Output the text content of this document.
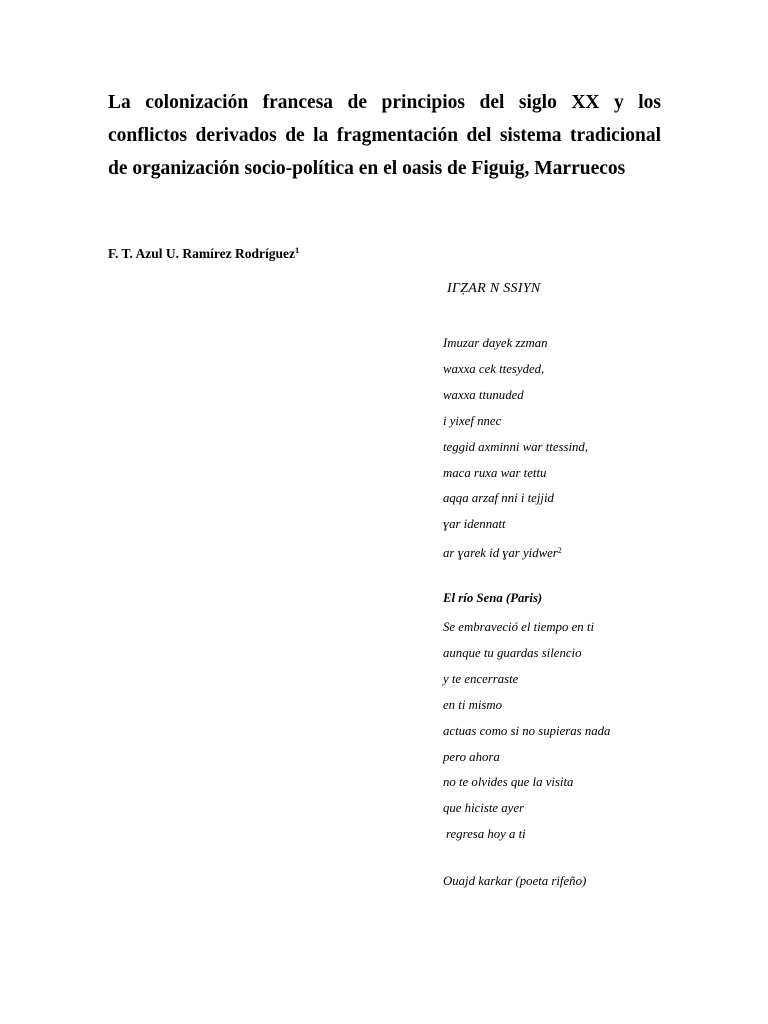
La colonización francesa de principios del siglo XX y los
conflictos derivados de la fragmentación del sistema tradicional
de organización socio-política en el oasis de Figuig, Marruecos

F. T. Azul U. Ramírez Rodríguez$^1$

IΓẒAR N SSIYN

Imuzar dayek zzman
waxxa cek ttesyded,
waxxa ttunuded
i yixef nnec
teggid axminni war ttessind,
maca ruxa war tettu
aqqa arzaf nni i tejjid
ɣar idennatt
ar ɣarek id ɣar yidwer$^2$

El río Sena (Paris)

Se embraveció el tiempo en ti
aunque tu guardas silencio
y te encerraste
en ti mismo
actuas como si no supieras nada
pero ahora
no te olvides que la visita
que hiciste ayer
regresa hoy a ti

Ouajd karkar (poeta rifeño)
